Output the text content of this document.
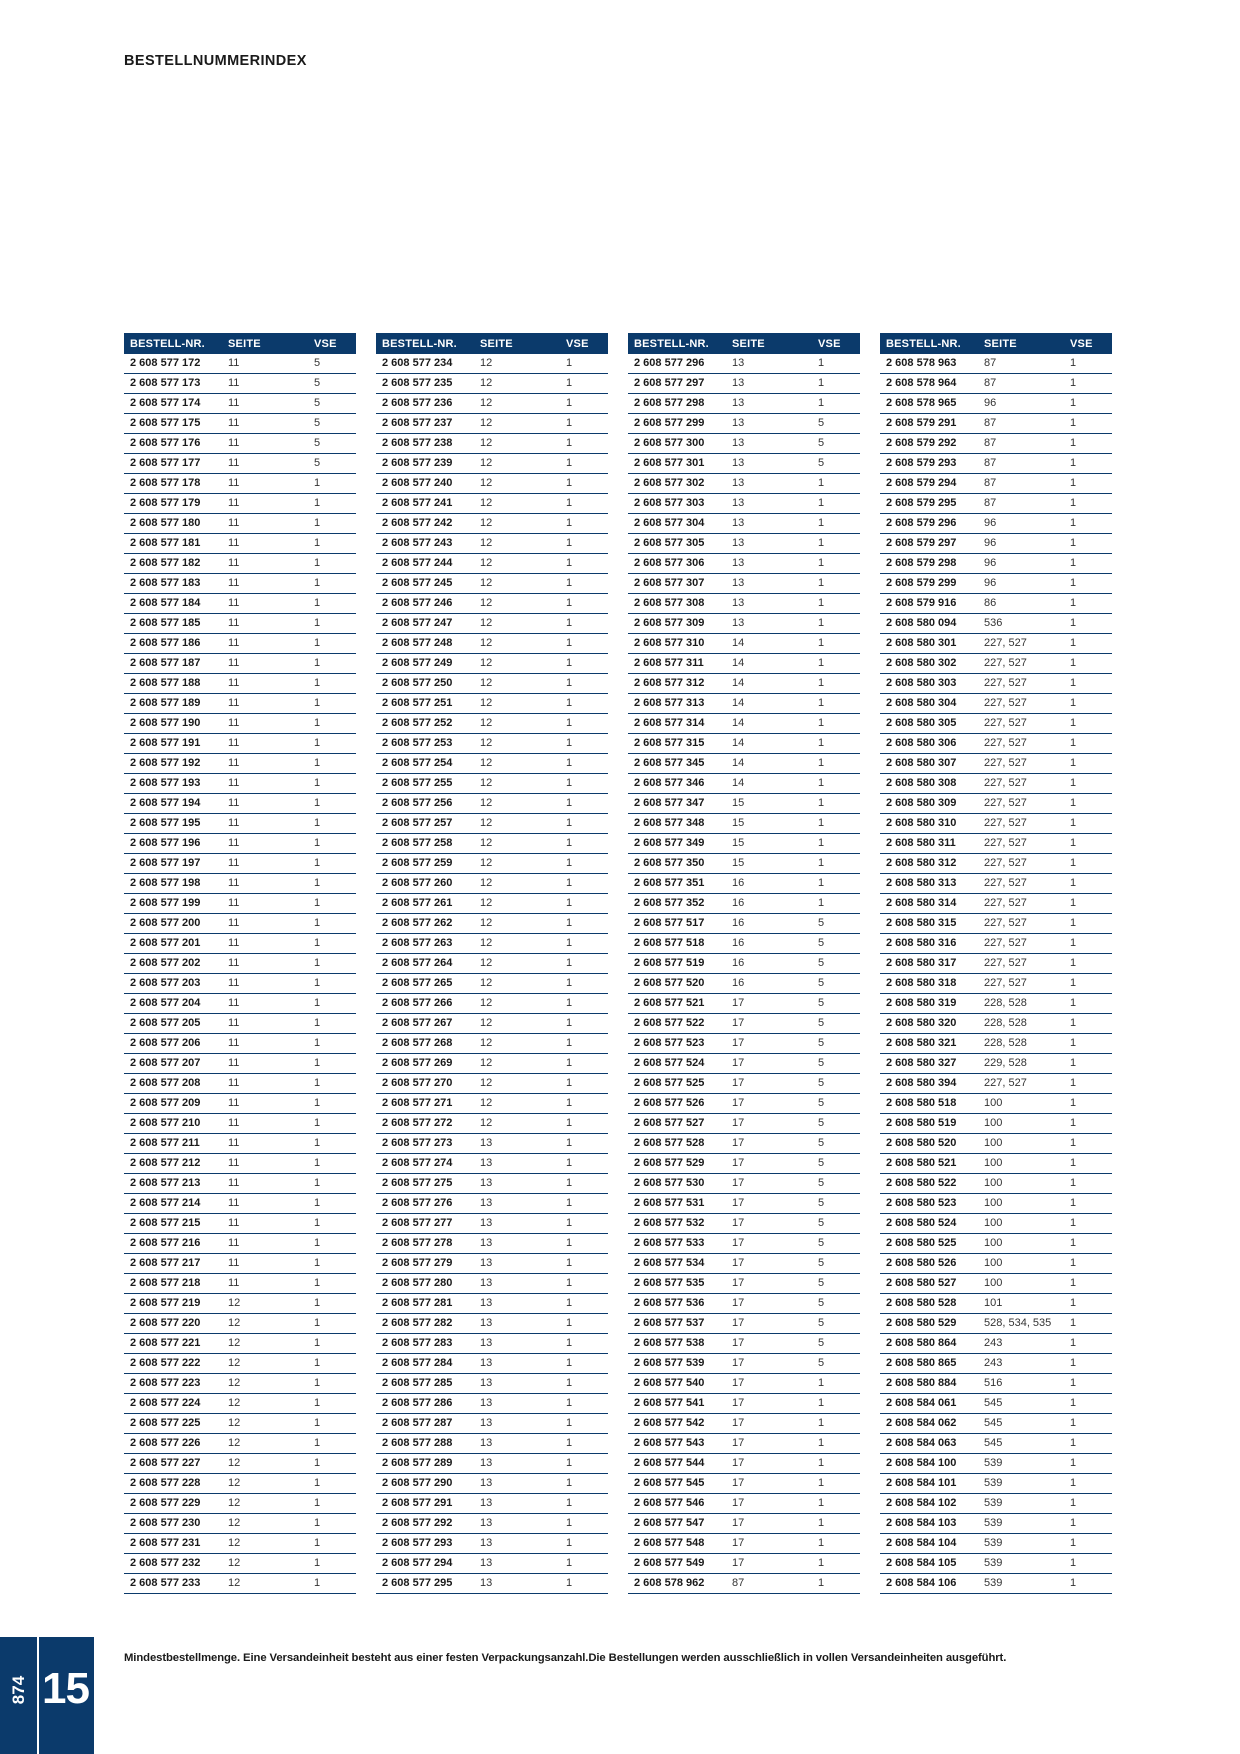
BESTELLNUMMERINDEX
BESTELL-NR.	SEITE	VSE
2 608 577 172	11	5
2 608 577 173	11	5
2 608 577 174	11	5
2 608 577 175	11	5
2 608 577 176	11	5
2 608 577 177	11	5
2 608 577 178	11	1
2 608 577 179	11	1
2 608 577 180	11	1
2 608 577 181	11	1
2 608 577 182	11	1
2 608 577 183	11	1
2 608 577 184	11	1
2 608 577 185	11	1
2 608 577 186	11	1
2 608 577 187	11	1
2 608 577 188	11	1
2 608 577 189	11	1
2 608 577 190	11	1
2 608 577 191	11	1
2 608 577 192	11	1
2 608 577 193	11	1
2 608 577 194	11	1
2 608 577 195	11	1
2 608 577 196	11	1
2 608 577 197	11	1
2 608 577 198	11	1
2 608 577 199	11	1
2 608 577 200	11	1
2 608 577 201	11	1
2 608 577 202	11	1
2 608 577 203	11	1
2 608 577 204	11	1
2 608 577 205	11	1
2 608 577 206	11	1
2 608 577 207	11	1
2 608 577 208	11	1
2 608 577 209	11	1
2 608 577 210	11	1
2 608 577 211	11	1
2 608 577 212	11	1
2 608 577 213	11	1
2 608 577 214	11	1
2 608 577 215	11	1
2 608 577 216	11	1
2 608 577 217	11	1
2 608 577 218	11	1
2 608 577 219	12	1
2 608 577 220	12	1
2 608 577 221	12	1
2 608 577 222	12	1
2 608 577 223	12	1
2 608 577 224	12	1
2 608 577 225	12	1
2 608 577 226	12	1
2 608 577 227	12	1
2 608 577 228	12	1
2 608 577 229	12	1
2 608 577 230	12	1
2 608 577 231	12	1
2 608 577 232	12	1
2 608 577 233	12	1
BESTELL-NR.	SEITE	VSE
2 608 577 234	12	1
2 608 577 235	12	1
2 608 577 236	12	1
2 608 577 237	12	1
2 608 577 238	12	1
2 608 577 239	12	1
2 608 577 240	12	1
2 608 577 241	12	1
2 608 577 242	12	1
2 608 577 243	12	1
2 608 577 244	12	1
2 608 577 245	12	1
2 608 577 246	12	1
2 608 577 247	12	1
2 608 577 248	12	1
2 608 577 249	12	1
2 608 577 250	12	1
2 608 577 251	12	1
2 608 577 252	12	1
2 608 577 253	12	1
2 608 577 254	12	1
2 608 577 255	12	1
2 608 577 256	12	1
2 608 577 257	12	1
2 608 577 258	12	1
2 608 577 259	12	1
2 608 577 260	12	1
2 608 577 261	12	1
2 608 577 262	12	1
2 608 577 263	12	1
2 608 577 264	12	1
2 608 577 265	12	1
2 608 577 266	12	1
2 608 577 267	12	1
2 608 577 268	12	1
2 608 577 269	12	1
2 608 577 270	12	1
2 608 577 271	12	1
2 608 577 272	12	1
2 608 577 273	13	1
2 608 577 274	13	1
2 608 577 275	13	1
2 608 577 276	13	1
2 608 577 277	13	1
2 608 577 278	13	1
2 608 577 279	13	1
2 608 577 280	13	1
2 608 577 281	13	1
2 608 577 282	13	1
2 608 577 283	13	1
2 608 577 284	13	1
2 608 577 285	13	1
2 608 577 286	13	1
2 608 577 287	13	1
2 608 577 288	13	1
2 608 577 289	13	1
2 608 577 290	13	1
2 608 577 291	13	1
2 608 577 292	13	1
2 608 577 293	13	1
2 608 577 294	13	1
2 608 577 295	13	1
BESTELL-NR.	SEITE	VSE
2 608 577 296	13	1
2 608 577 297	13	1
2 608 577 298	13	1
2 608 577 299	13	5
2 608 577 300	13	5
2 608 577 301	13	5
2 608 577 302	13	1
2 608 577 303	13	1
2 608 577 304	13	1
2 608 577 305	13	1
2 608 577 306	13	1
2 608 577 307	13	1
2 608 577 308	13	1
2 608 577 309	13	1
2 608 577 310	14	1
2 608 577 311	14	1
2 608 577 312	14	1
2 608 577 313	14	1
2 608 577 314	14	1
2 608 577 315	14	1
2 608 577 345	14	1
2 608 577 346	14	1
2 608 577 347	15	1
2 608 577 348	15	1
2 608 577 349	15	1
2 608 577 350	15	1
2 608 577 351	16	1
2 608 577 352	16	1
2 608 577 517	16	5
2 608 577 518	16	5
2 608 577 519	16	5
2 608 577 520	16	5
2 608 577 521	17	5
2 608 577 522	17	5
2 608 577 523	17	5
2 608 577 524	17	5
2 608 577 525	17	5
2 608 577 526	17	5
2 608 577 527	17	5
2 608 577 528	17	5
2 608 577 529	17	5
2 608 577 530	17	5
2 608 577 531	17	5
2 608 577 532	17	5
2 608 577 533	17	5
2 608 577 534	17	5
2 608 577 535	17	5
2 608 577 536	17	5
2 608 577 537	17	5
2 608 577 538	17	5
2 608 577 539	17	5
2 608 577 540	17	1
2 608 577 541	17	1
2 608 577 542	17	1
2 608 577 543	17	1
2 608 577 544	17	1
2 608 577 545	17	1
2 608 577 546	17	1
2 608 577 547	17	1
2 608 577 548	17	1
2 608 577 549	17	1
2 608 578 962	87	1
BESTELL-NR.	SEITE	VSE
2 608 578 963	87	1
2 608 578 964	87	1
2 608 578 965	96	1
2 608 579 291	87	1
2 608 579 292	87	1
2 608 579 293	87	1
2 608 579 294	87	1
2 608 579 295	87	1
2 608 579 296	96	1
2 608 579 297	96	1
2 608 579 298	96	1
2 608 579 299	96	1
2 608 579 916	86	1
2 608 580 094	536	1
2 608 580 301	227, 527	1
2 608 580 302	227, 527	1
2 608 580 303	227, 527	1
2 608 580 304	227, 527	1
2 608 580 305	227, 527	1
2 608 580 306	227, 527	1
2 608 580 307	227, 527	1
2 608 580 308	227, 527	1
2 608 580 309	227, 527	1
2 608 580 310	227, 527	1
2 608 580 311	227, 527	1
2 608 580 312	227, 527	1
2 608 580 313	227, 527	1
2 608 580 314	227, 527	1
2 608 580 315	227, 527	1
2 608 580 316	227, 527	1
2 608 580 317	227, 527	1
2 608 580 318	227, 527	1
2 608 580 319	228, 528	1
2 608 580 320	228, 528	1
2 608 580 321	228, 528	1
2 608 580 327	229, 528	1
2 608 580 394	227, 527	1
2 608 580 518	100	1
2 608 580 519	100	1
2 608 580 520	100	1
2 608 580 521	100	1
2 608 580 522	100	1
2 608 580 523	100	1
2 608 580 524	100	1
2 608 580 525	100	1
2 608 580 526	100	1
2 608 580 527	100	1
2 608 580 528	101	1
2 608 580 529	528, 534, 535	1
2 608 580 864	243	1
2 608 580 865	243	1
2 608 580 884	516	1
2 608 584 061	545	1
2 608 584 062	545	1
2 608 584 063	545	1
2 608 584 100	539	1
2 608 584 101	539	1
2 608 584 102	539	1
2 608 584 103	539	1
2 608 584 104	539	1
2 608 584 105	539	1
2 608 584 106	539	1
Mindestbestellmenge. Eine Versandeinheit besteht aus einer festen Verpackungsanzahl.Die Bestellungen werden ausschließlich in vollen Versandeinheiten ausgeführt.
874 15
